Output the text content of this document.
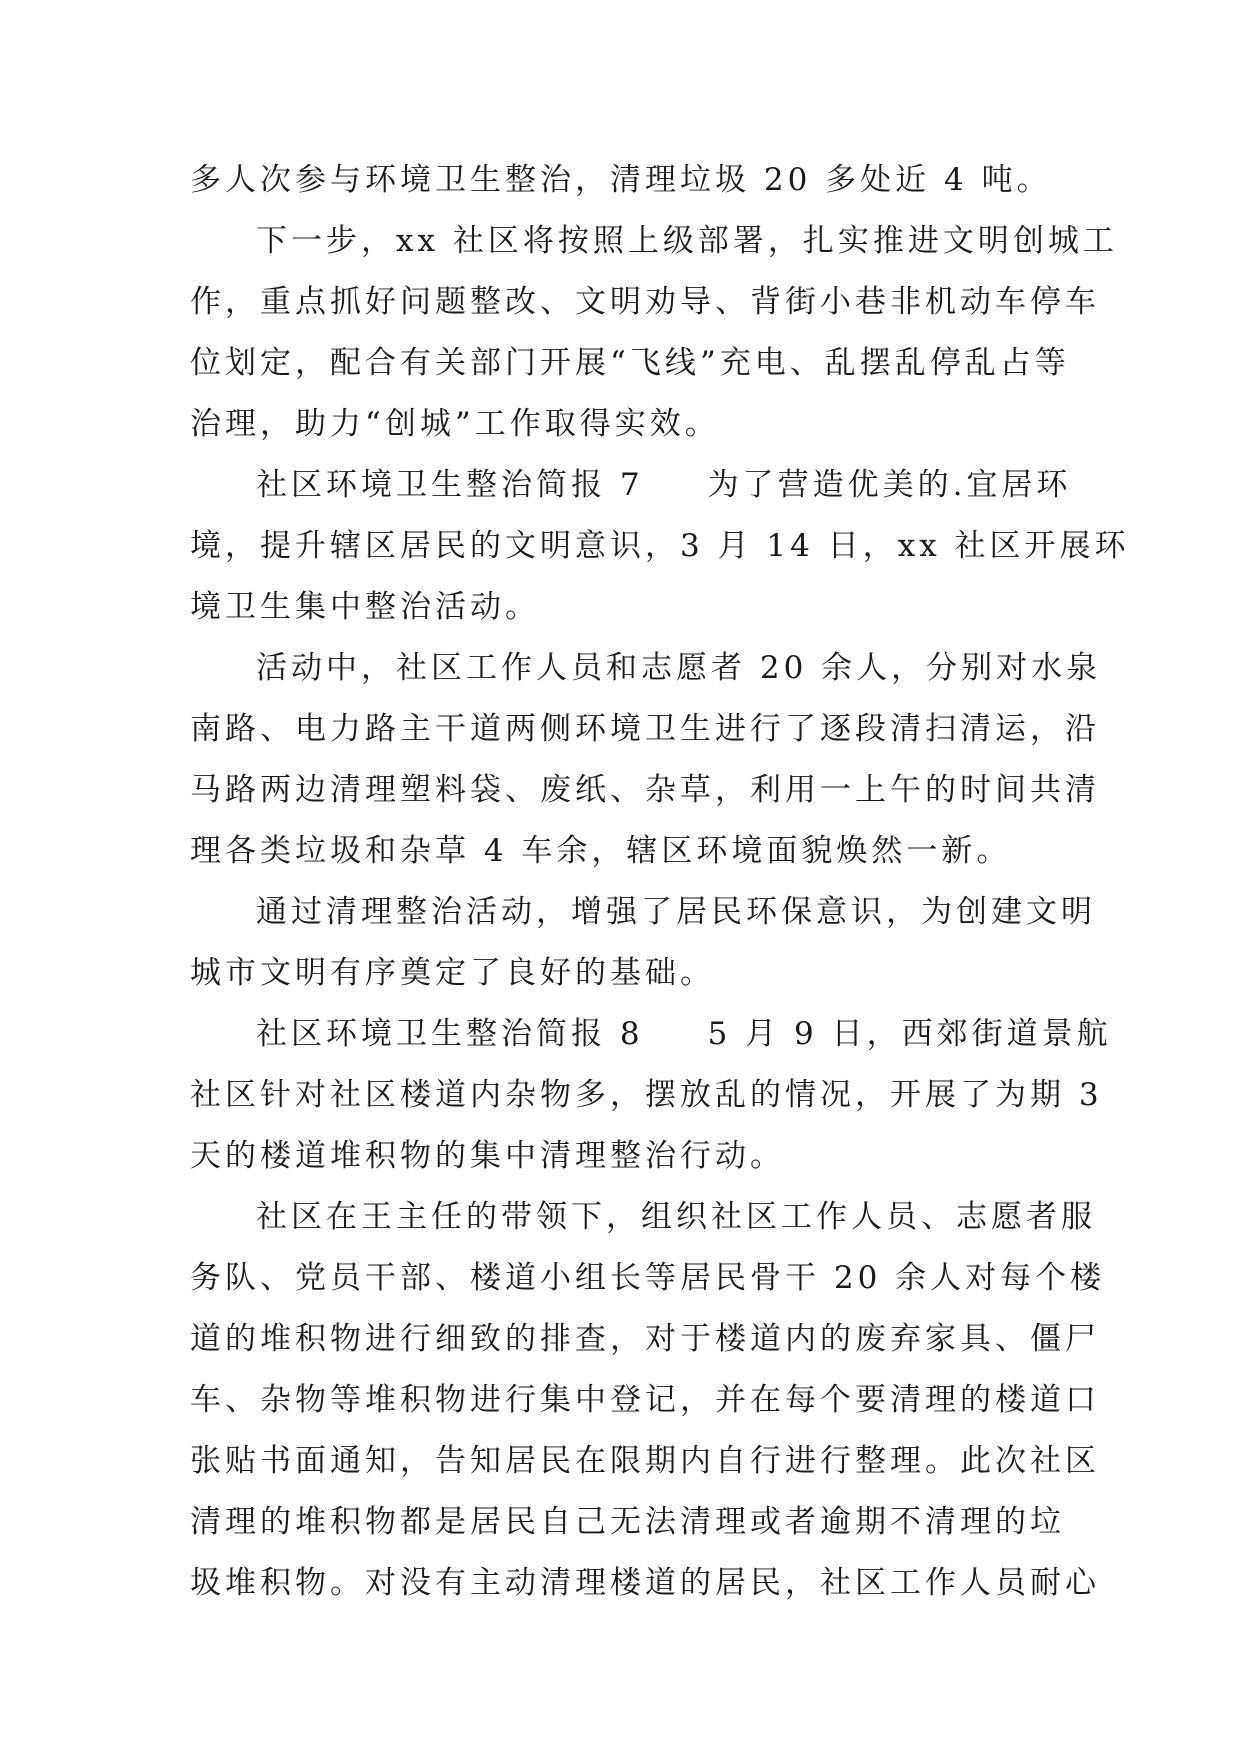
多人次参与环境卫生整治，清理垃圾 20 多处近 4 吨。
下一步，xx 社区将按照上级部署，扎实推进文明创城工
作，重点抓好问题整改、文明劝导、背街小巷非机动车停车
位划定，配合有关部门开展“飞线”充电、乱摆乱停乱占等
治理，助力“创城”工作取得实效。
社区环境卫生整治简报 7 为了营造优美的.宜居环
境，提升辖区居民的文明意识，3 月 14 日，xx 社区开展环
境卫生集中整治活动。
活动中，社区工作人员和志愿者 20 余人，分别对水泉
南路、电力路主干道两侧环境卫生进行了逐段清扫清运，沿
马路两边清理塑料袋、废纸、杂草，利用一上午的时间共清
理各类垃圾和杂草 4 车余，辖区环境面貌焕然一新。
通过清理整治活动，增强了居民环保意识，为创建文明
城市文明有序奠定了良好的基础。
社区环境卫生整治简报 8 5 月 9 日，西郊街道景航
社区针对社区楼道内杂物多，摆放乱的情况，开展了为期 3
天的楼道堆积物的集中清理整治行动。
社区在王主任的带领下，组织社区工作人员、志愿者服
务队、党员干部、楼道小组长等居民骨干 20 余人对每个楼
道的堆积物进行细致的排查，对于楼道内的废弃家具、僵尸
车、杂物等堆积物进行集中登记，并在每个要清理的楼道口
张贴书面通知，告知居民在限期内自行进行整理。此次社区
清理的堆积物都是居民自己无法清理或者逾期不清理的垃
圾堆积物。对没有主动清理楼道的居民，社区工作人员耐心
